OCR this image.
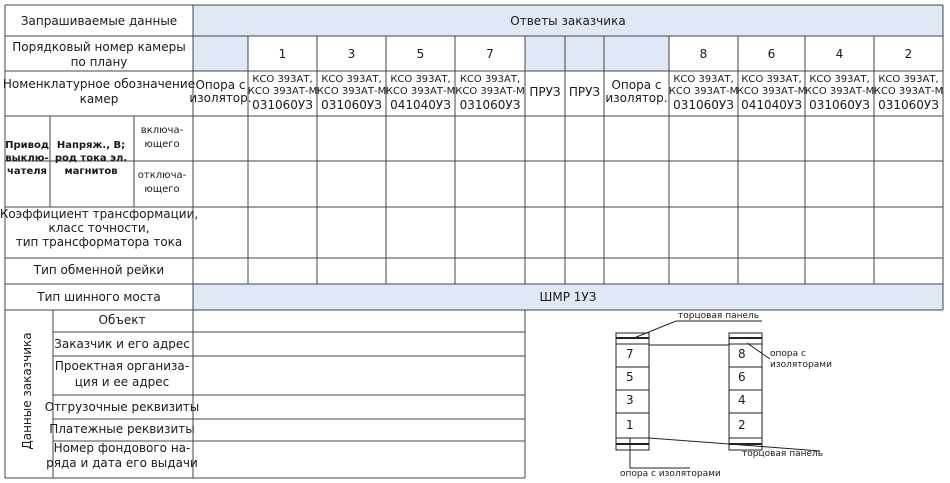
Опора с
изолятор.
1
КСО 393АТ,
КСО 393АТ-М
031060УЗ
3
КСО 393АТ,
КСО 393АТ-М
031060УЗ
5
КСО 393АТ,
КСО 393АТ-М
041040УЗ
7
КСО 393АТ,
КСО 393АТ-М
031060УЗ
ПРУЗ ПРУЗ Опора с
изолятор.
8
КСО 393АТ,
КСО 393АТ-М
031060УЗ
6
КСО 393АТ,
КСО 393АТ-М
041040УЗ
4
КСО 393АТ,
КСО 393АТ-М
031060УЗ
2
КСО 393АТ,
КСО 393АТ-М
031060УЗ
Запрашиваемые данные	Ответы заказчика
Порядковый номер камеры
по плану
Номенклатурное обозначение
камер
Привод
выклю-
чателя
Напряж., В;
род тока эл.
магнитов
включа-
ющего
отключа-
ющего
Коэффициент трансформации,
класс точности,
тип трансформатора тока
Тип обменной рейки
Тип шинного моста	ШМР 1УЗ
Данные заказчика
Объект
Заказчик и его адрес
Проектная организа-
ция и ее адрес
Отгрузочные реквизиты
Платежные реквизиты
Номер фондового на-
ряда и дата его выдачи
7
5
3
1
8
6
4
2
торцовая панель
опора с
изоляторами
торцовая панель
опора с изоляторами
